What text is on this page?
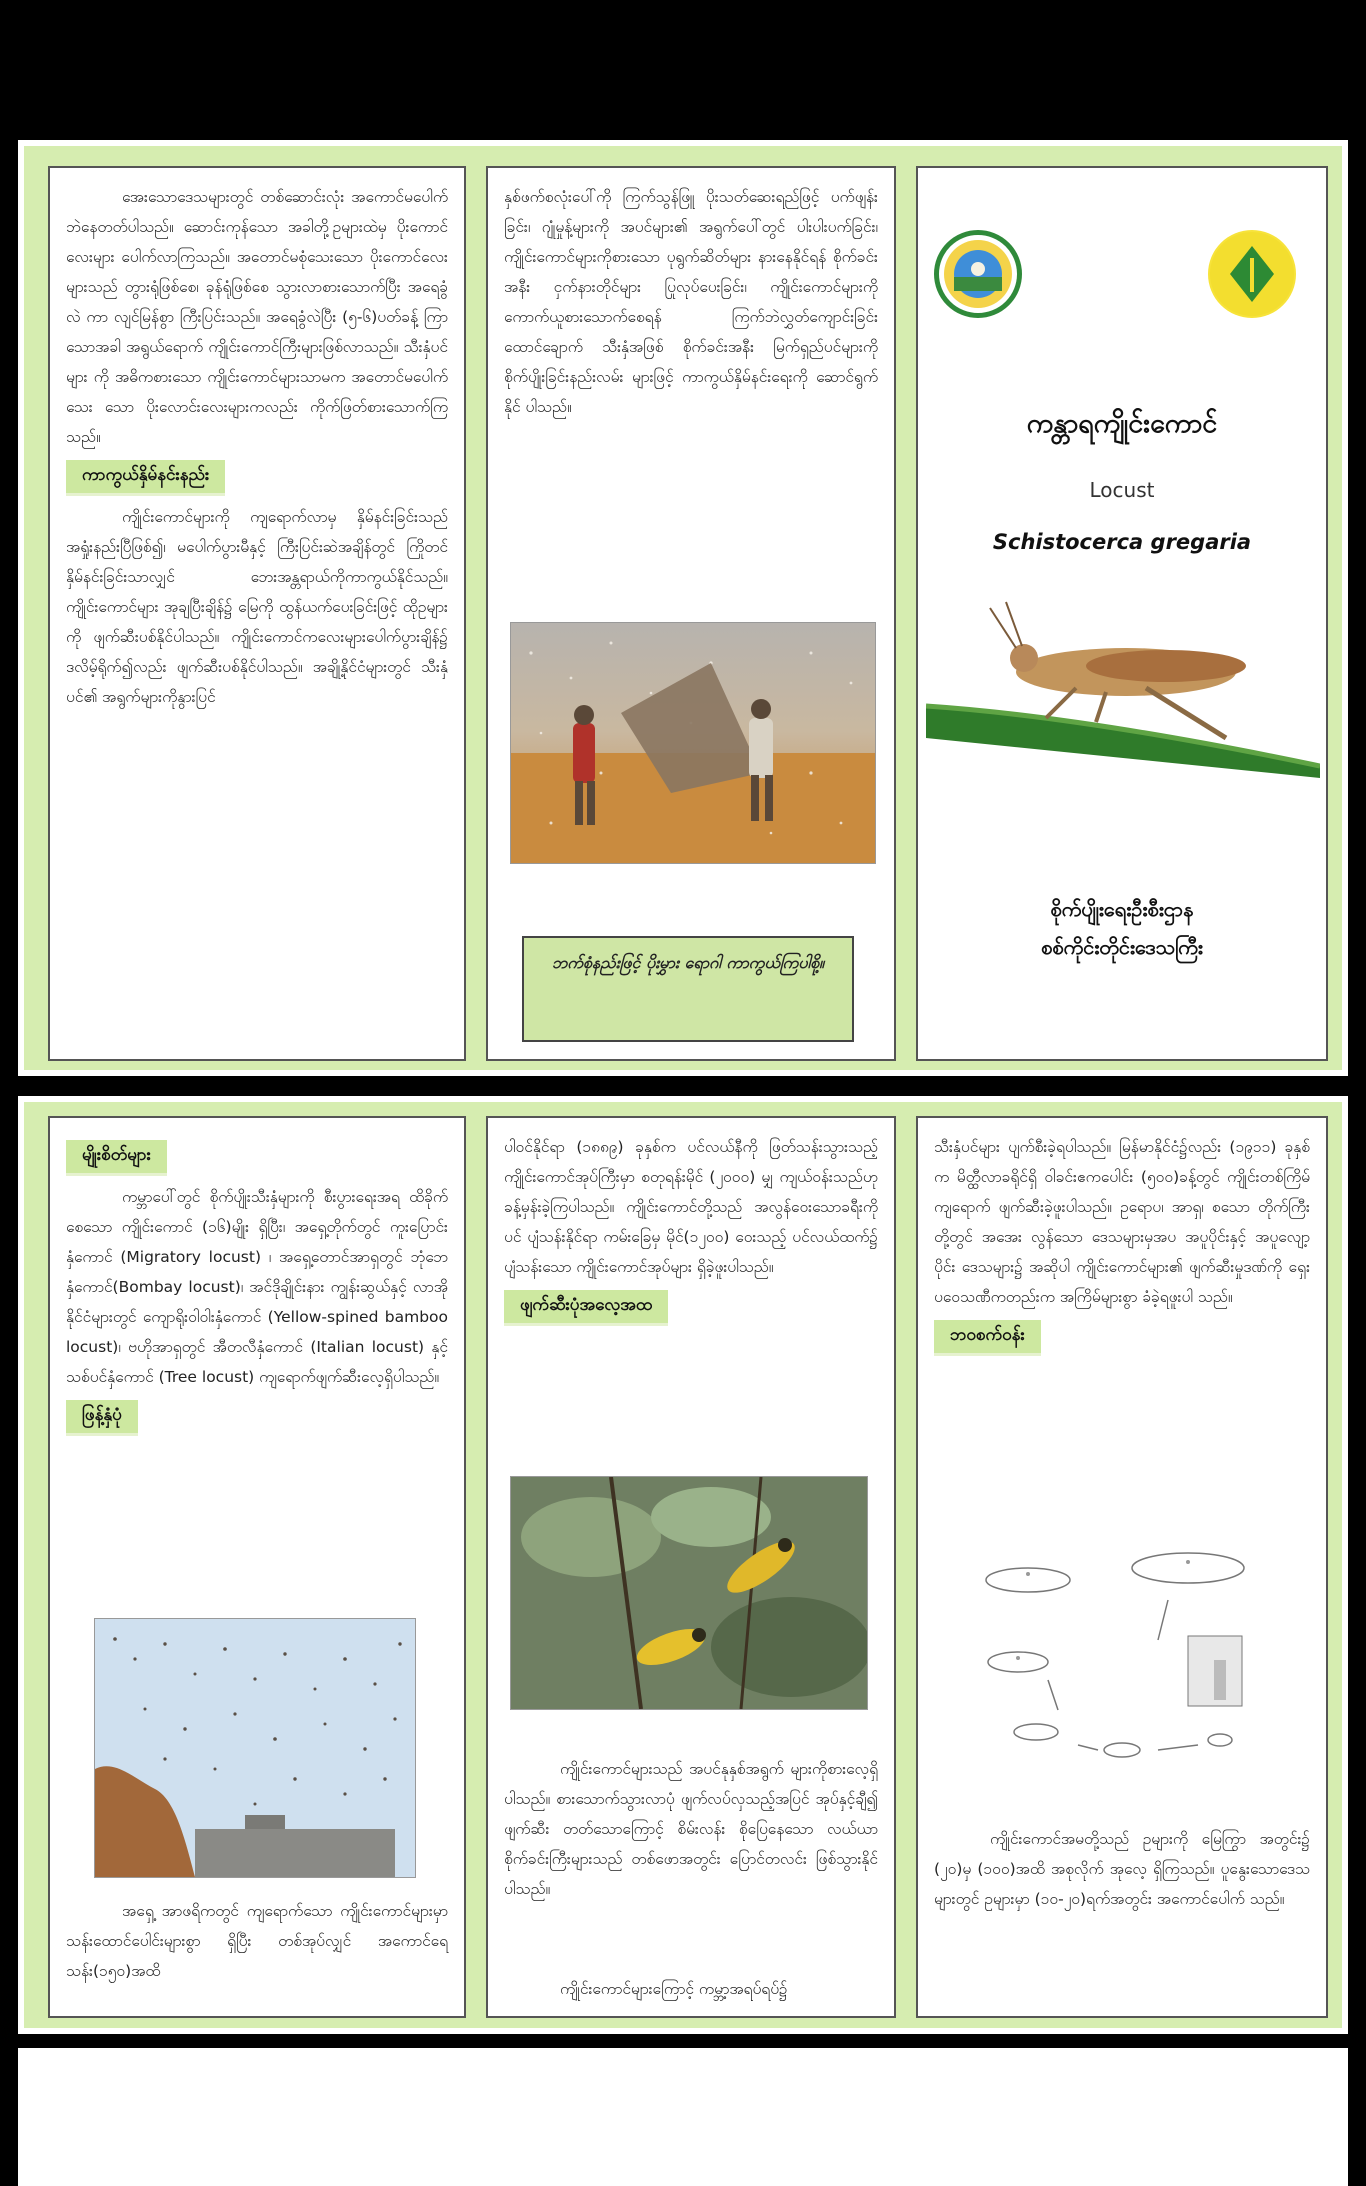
အေးသောဒေသများတွင် တစ်ဆောင်းလုံး အကောင်မပေါက်ဘဲနေတတ်ပါသည်။ ဆောင်းကုန်သော အခါတို့ဥများထဲမှ ပိုးကောင် လေးများ ပေါက်လာကြသည်။ အတောင်မစုံသေးသော ပိုးကောင်လေးများသည် တွားရုံဖြစ်စေ၊ ခုန်ရုံဖြစ်စေ သွားလာစားသောက်ပြီး အရေခွံလဲ ကာ လျင်မြန်စွာ ကြီးပြင်းသည်။ အရေခွံလဲပြီး (၅-၆)ပတ်ခန့် ကြာသောအခါ အရွယ်ရောက် ကျိုင်းကောင်ကြီးများဖြစ်လာသည်။ သီးနှံပင်များ ကို အဓိကစားသော ကျိုင်းကောင်များသာမက အတောင်မပေါက်သေး သော ပိုးလောင်းလေးများကလည်း ကိုက်ဖြတ်စားသောက်ကြသည်။

ကာကွယ်နှိမ်နင်းနည်း

ကျိုင်းကောင်များကို ကျရောက်လာမှ နှိမ်နင်းခြင်းသည် အရှုံးနည်းပြီဖြစ်၍၊ မပေါက်ပွားမီနှင့် ကြီးပြင်းဆဲအချိန်တွင် ကြိုတင်နှိမ်နင်းခြင်းသာလျှင် ဘေးအန္တရာယ်ကိုကာကွယ်နိုင်သည်။ ကျိုင်းကောင်များ အုချပြီးချိန်၌ မြေကို ထွန်ယက်ပေးခြင်းဖြင့် ထိုဥများကို ဖျက်ဆီးပစ်နိုင်ပါသည်။ ကျိုင်းကောင်ကလေးများပေါက်ပွားချိန်၌ ဒလိမ့်ရိုက်၍လည်း ဖျက်ဆီးပစ်နိုင်ပါသည်။ အချို့နိုင်ငံများတွင် သီးနှံပင်၏ အရွက်များကိုနွားပြင်

နှစ်ဖက်စလုံးပေါ်ကို ကြက်သွန်ဖြူ ပိုးသတ်ဆေးရည်ဖြင့် ပက်ဖျန်းခြင်း၊ ဂျုံမှုန့်များကို အပင်များ၏ အရွက်ပေါ်တွင် ပါးပါးပက်ခြင်း၊ ကျိုင်းကောင်များကိုစားသော ပုရွက်ဆိတ်များ နားနေနိုင်ရန် စိုက်ခင်းအနီး ငှက်နားတိုင်များ ပြုလုပ်ပေးခြင်း၊ ကျိုင်းကောင်များကို ကောက်ယူစားသောက်စေရန် ကြက်ဘဲလွှတ်ကျောင်းခြင်းထောင်ချောက် သီးနှံအဖြစ် စိုက်ခင်းအနီး မြက်ရှည်ပင်များကို စိုက်ပျိုးခြင်းနည်းလမ်း များဖြင့် ကာကွယ်နှိမ်နင်းရေးကို ဆောင်ရွက်နိုင် ပါသည်။

ဘက်စုံနည်းဖြင့် ပိုးမွှား ရောဂါ ကာကွယ်ကြပါစို့။
ကန္တာရကျိုင်းကောင်
Locust
Schistocerca gregaria
စိုက်ပျိုးရေးဦးစီးဌာန
စစ်ကိုင်းတိုင်းဒေသကြီး
မျိုးစိတ်များ

ကမ္ဘာပေါ်တွင် စိုက်ပျိုးသီးနှံများကို စီးပွားရေးအရ ထိခိုက်စေသော ကျိုင်းကောင် (၁၆)မျိုး ရှိပြီး၊ အရှေ့တိုက်တွင် ကူးပြောင်းနှံကောင် (Migratory locust) ၊ အရှေ့တောင်အာရှတွင် ဘုံဘေနှံကောင်(Bombay locust)၊ အင်ဒိုချိုင်းနား ကျွန်းဆွယ်နှင့် လာအိုနိုင်ငံများတွင် ကျောရိုးဝါဝါးနှံကောင် (Yellow-spined bamboo locust)၊ ဗဟိုအာရှတွင် အီတလီနှံကောင် (Italian locust) နှင့် သစ်ပင်နှံကောင် (Tree locust) ကျရောက်ဖျက်ဆီးလေ့ရှိပါသည်။

ဖြန့်နှံပုံ

အရှေ့ အာဖရိကတွင် ကျရောက်သော ကျိုင်းကောင်များမှာ သန်းထောင်ပေါင်းများစွာ ရှိပြီး တစ်အုပ်လျှင် အကောင်ရေသန်း(၁၅၀)အထိ

ပါဝင်နိုင်ရာ (၁၈၈၉) ခုနှစ်က ပင်လယ်နီကို ဖြတ်သန်းသွားသည့် ကျိုင်းကောင်အုပ်ကြီးမှာ စတုရန်းမိုင် (၂၀၀၀) မျှ ကျယ်ဝန်းသည်ဟု ခန့်မှန်းခဲ့ကြပါသည်။ ကျိုင်းကောင်တို့သည် အလွန်ဝေးသောခရီးကိုပင် ပျံသန်းနိုင်ရာ ကမ်းခြေမှ မိုင်(၁၂၀၀) ဝေးသည့် ပင်လယ်ထက်၌ ပျံသန်းသော ကျိုင်းကောင်အုပ်များ ရှိခဲ့ဖူးပါသည်။

ဖျက်ဆီးပုံအလေ့အထ

ကျိုင်းကောင်များသည် အပင်နုနှစ်အရွက် များကိုစားလေ့ရှိပါသည်။ စားသောက်သွားလာပုံ ဖျက်လပ်လှသည့်အပြင် အုပ်နှင့်ချီ၍ ဖျက်ဆီး တတ်သောကြောင့် စိမ်းလန်း စိုပြေနေသော လယ်ယာစိုက်ခင်းကြီးများသည် တစ်ဖောအတွင်း ပြောင်တလင်း ဖြစ်သွားနိုင်ပါသည်။

ကျိုင်းကောင်များကြောင့် ကမ္ဘာ့အရပ်ရပ်၌

သီးနှံပင်များ ပျက်စီးခဲ့ရပါသည်။ မြန်မာနိုင်ငံ၌လည်း (၁၉၁၁) ခုနှစ်က မိတ္ထီလာခရိုင်ရှိ ဝါခင်းဧကပေါင်း (၅၀၀)ခန့်တွင် ကျိုင်းတစ်ကြိမ် ကျရောက် ဖျက်ဆီးခဲ့ဖူးပါသည်။ ဥရောပ၊ အာရှ၊ စသော တိုက်ကြီး တို့တွင် အအေး လွန်သော ဒေသများမှအပ အပူပိုင်းနှင့် အပူလျော့ ပိုင်း ဒေသများ၌ အဆိုပါ ကျိုင်းကောင်များ၏ ဖျက်ဆီးမှုဒဏ်ကို ရှေးပဝေသဏီကတည်းက အကြိမ်များစွာ ခံခဲ့ရဖူးပါ သည်။

ဘဝစက်ဝန်း

ကျိုင်းကောင်အမတို့သည် ဥများကို မြေကြွာ အတွင်း၌ (၂၀)မှ (၁၀၀)အထိ အစုလိုက် အုလေ့ ရှိကြသည်။ ပူနွေးသောဒေသများတွင် ဥများမှာ (၁၀-၂၀)ရက်အတွင်း အကောင်ပေါက် သည်။
